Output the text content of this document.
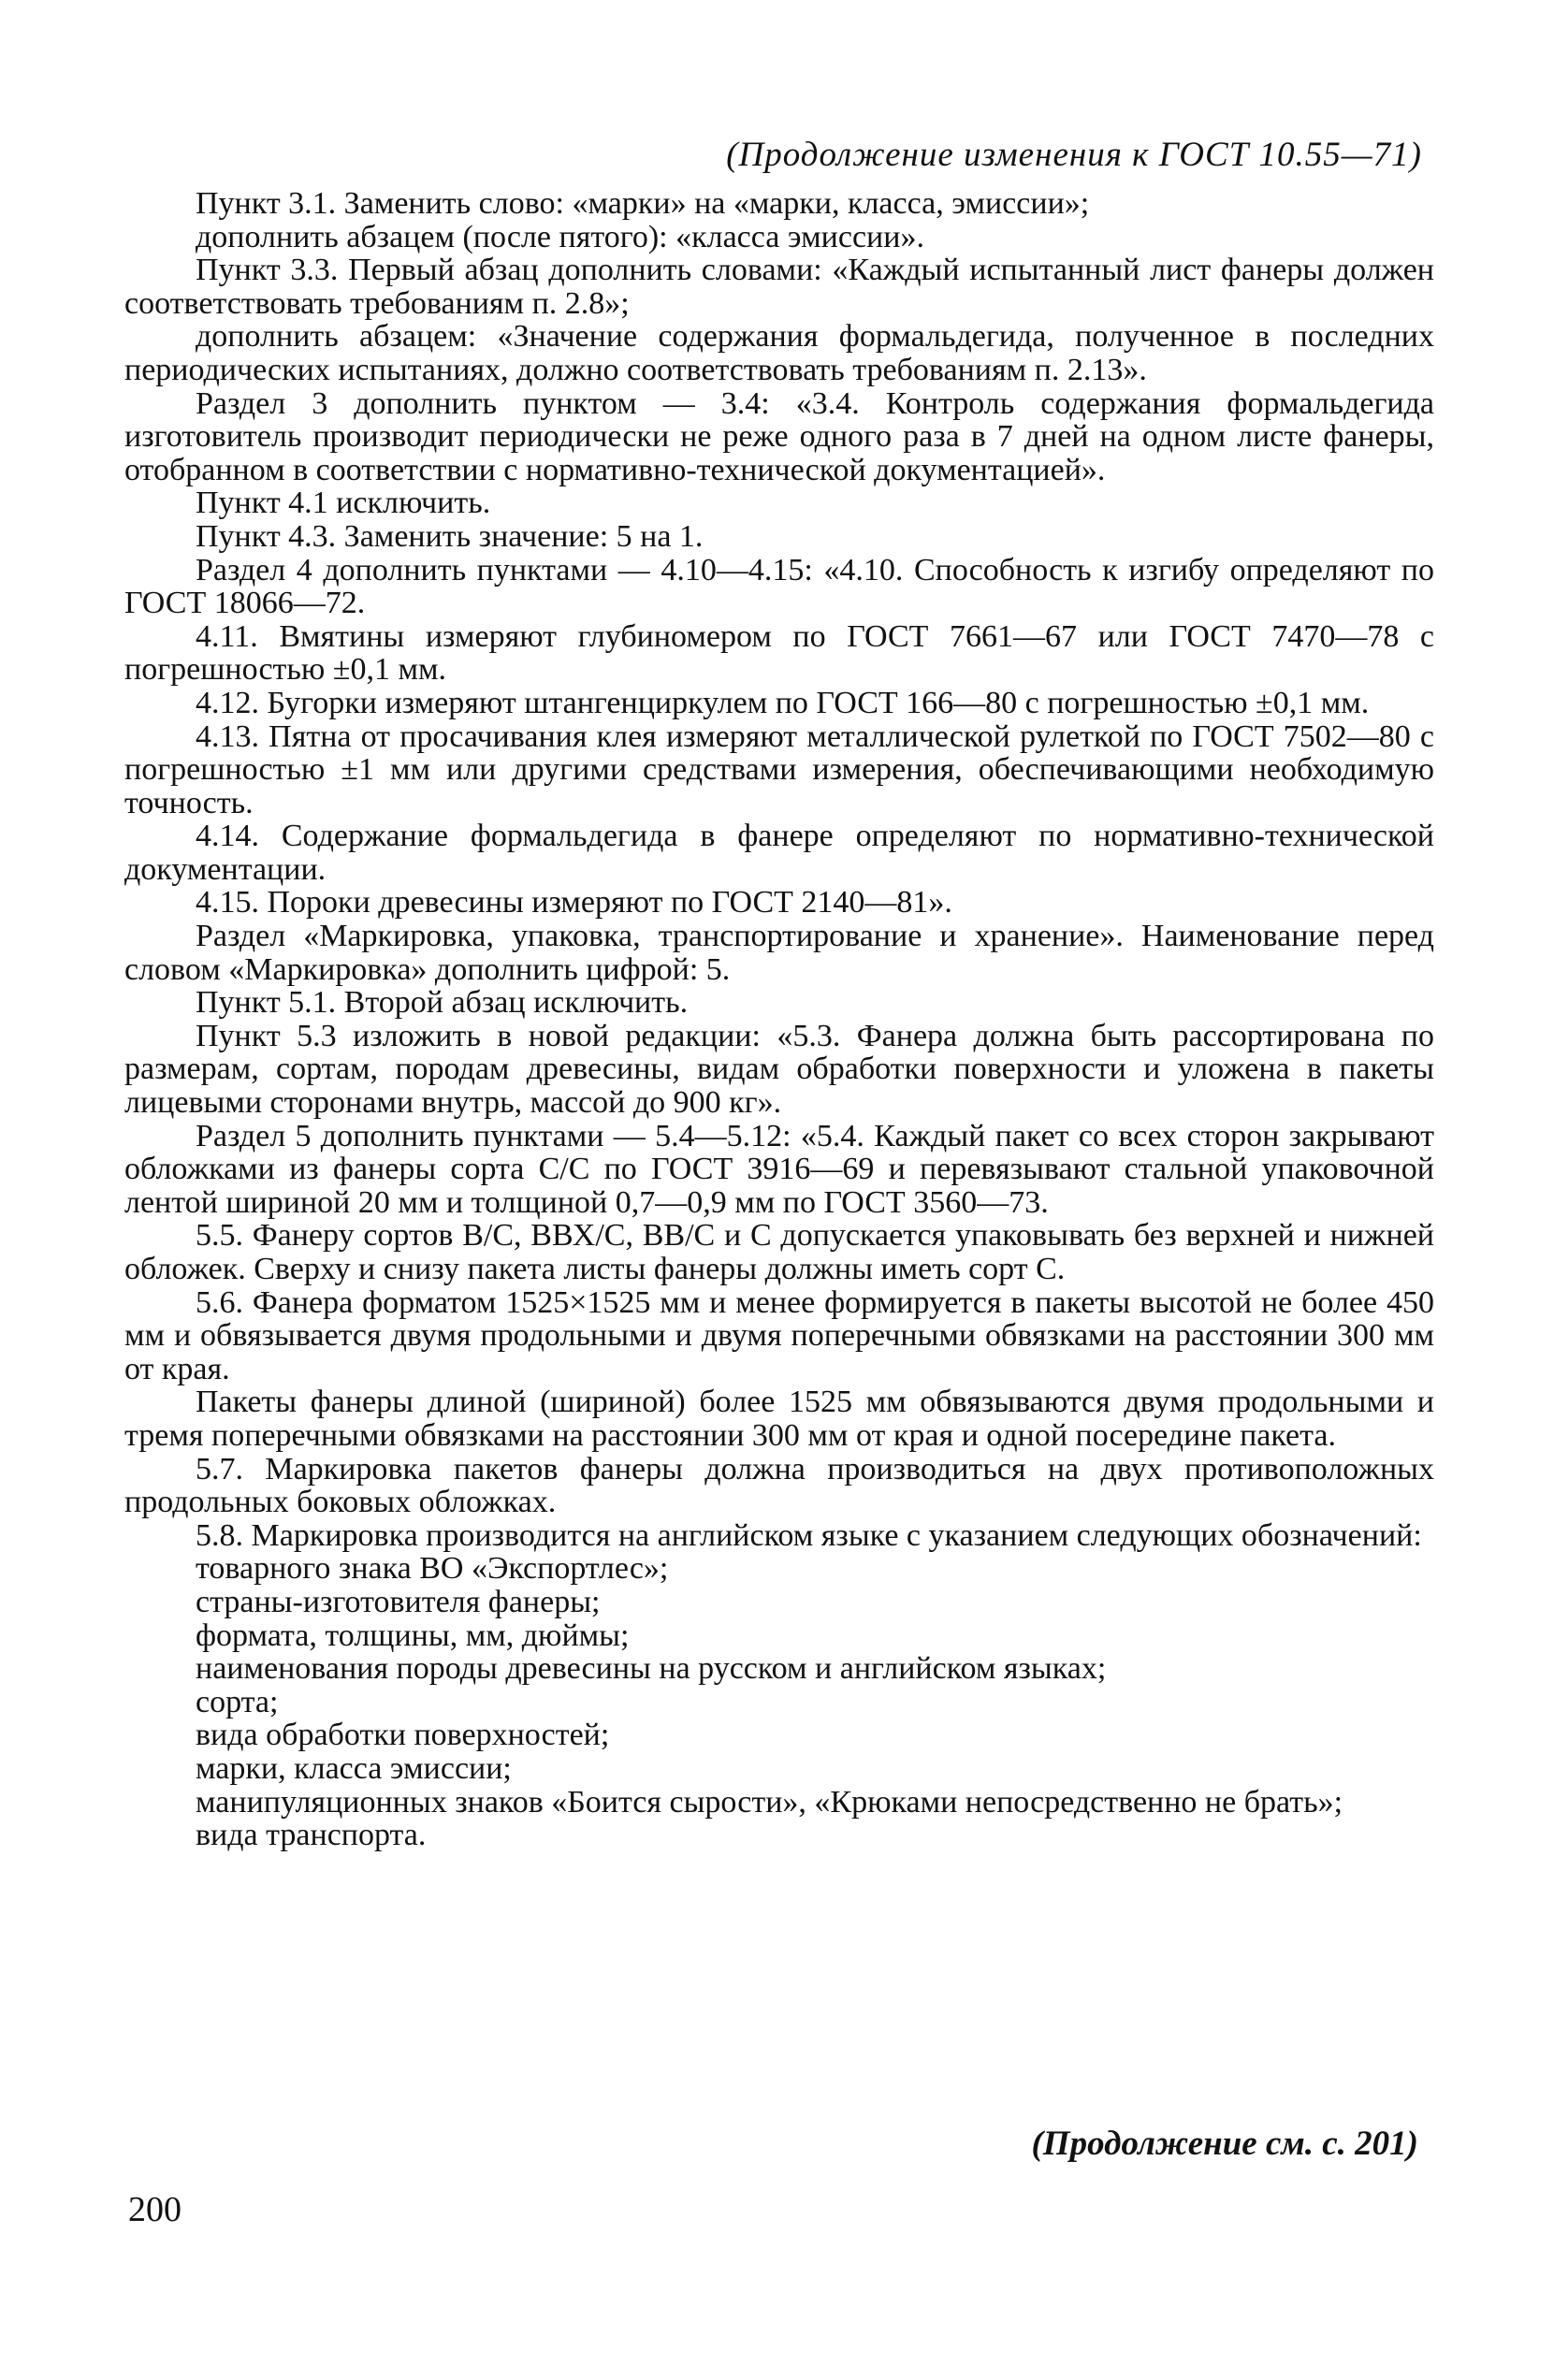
(Продолжение изменения к ГОСТ 10.55—71)

Пункт 3.1. Заменить слово: «марки» на «марки, класса, эмиссии»;

дополнить абзацем (после пятого): «класса эмиссии».

Пункт 3.3. Первый абзац дополнить словами: «Каждый испытанный лист фанеры должен соответствовать требованиям п. 2.8»;

дополнить абзацем: «Значение содержания формальдегида, полученное в последних периодических испытаниях, должно соответствовать требованиям п. 2.13».

Раздел 3 дополнить пунктом — 3.4: «3.4. Контроль содержания формальдегида изготовитель производит периодически не реже одного раза в 7 дней на одном листе фанеры, отобранном в соответствии с нормативно-технической документацией».

Пункт 4.1 исключить.

Пункт 4.3. Заменить значение: 5 на 1.

Раздел 4 дополнить пунктами — 4.10—4.15: «4.10. Способность к изгибу определяют по ГОСТ 18066—72.

4.11. Вмятины измеряют глубиномером по ГОСТ 7661—67 или ГОСТ 7470—78 с погрешностью ±0,1 мм.

4.12. Бугорки измеряют штангенциркулем по ГОСТ 166—80 с погрешностью ±0,1 мм.

4.13. Пятна от просачивания клея измеряют металлической рулеткой по ГОСТ 7502—80 с погрешностью ±1 мм или другими средствами измерения, обеспечивающими необходимую точность.

4.14. Содержание формальдегида в фанере определяют по нормативно-технической документации.

4.15. Пороки древесины измеряют по ГОСТ 2140—81».

Раздел «Маркировка, упаковка, транспортирование и хранение». Наименование перед словом «Маркировка» дополнить цифрой: 5.

Пункт 5.1. Второй абзац исключить.

Пункт 5.3 изложить в новой редакции: «5.3. Фанера должна быть рассортирована по размерам, сортам, породам древесины, видам обработки поверхности и уложена в пакеты лицевыми сторонами внутрь, массой до 900 кг».

Раздел 5 дополнить пунктами — 5.4—5.12: «5.4. Каждый пакет со всех сторон закрывают обложками из фанеры сорта С/С по ГОСТ 3916—69 и перевязывают стальной упаковочной лентой шириной 20 мм и толщиной 0,7—0,9 мм по ГОСТ 3560—73.

5.5. Фанеру сортов В/С, ВВХ/С, ВВ/С и С допускается упаковывать без верхней и нижней обложек. Сверху и снизу пакета листы фанеры должны иметь сорт С.

5.6. Фанера форматом 1525×1525 мм и менее формируется в пакеты высотой не более 450 мм и обвязывается двумя продольными и двумя поперечными обвязками на расстоянии 300 мм от края.

Пакеты фанеры длиной (шириной) более 1525 мм обвязываются двумя продольными и тремя поперечными обвязками на расстоянии 300 мм от края и одной посередине пакета.

5.7. Маркировка пакетов фанеры должна производиться на двух противоположных продольных боковых обложках.

5.8. Маркировка производится на английском языке с указанием следующих обозначений:

товарного знака ВО «Экспортлес»;

страны-изготовителя фанеры;

формата, толщины, мм, дюймы;

наименования породы древесины на русском и английском языках;

сорта;

вида обработки поверхностей;

марки, класса эмиссии;

манипуляционных знаков «Боится сырости», «Крюками непосредственно не брать»;

вида транспорта.

(Продолжение см. с. 201)
200
